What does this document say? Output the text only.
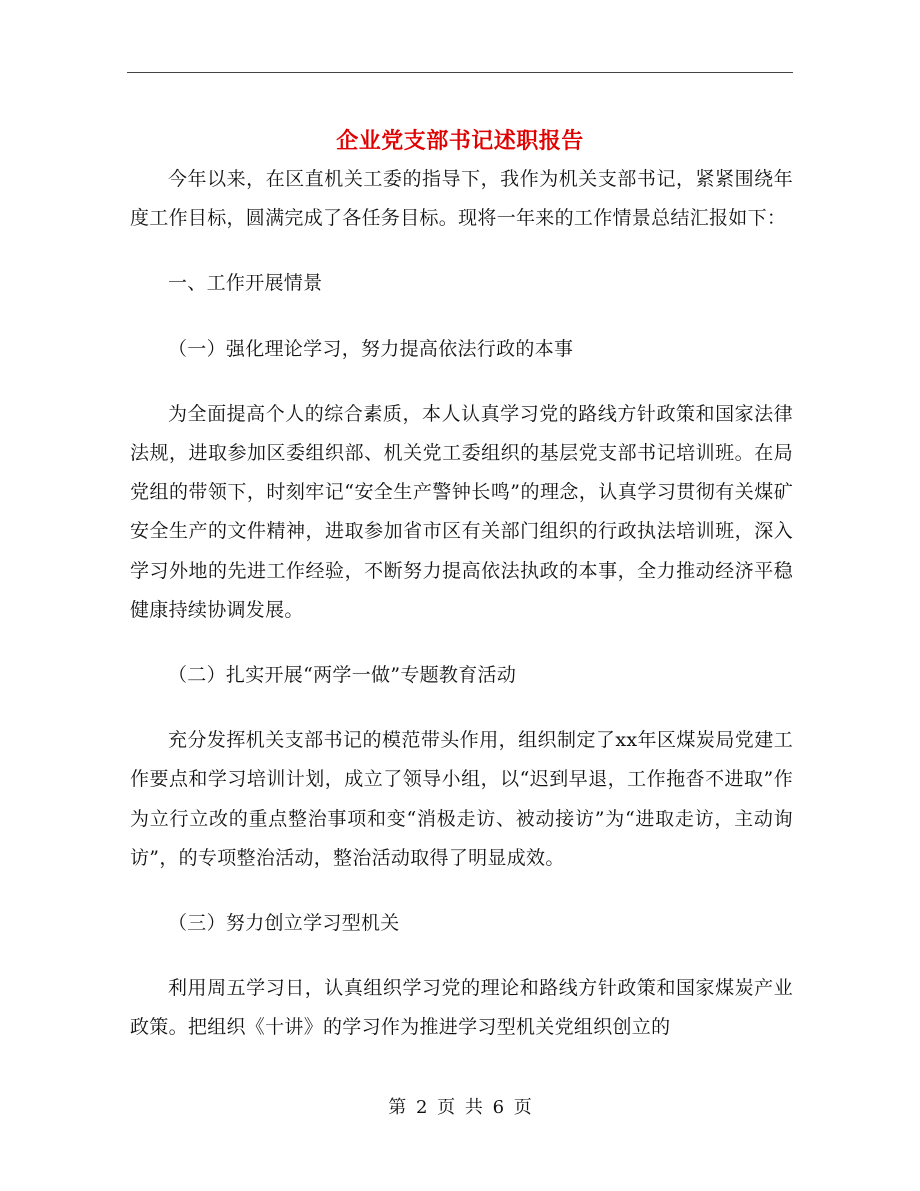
企业党支部书记述职报告

今年以来，在区直机关工委的指导下，我作为机关支部书记，紧紧围绕年度工作目标，圆满完成了各任务目标。现将一年来的工作情景总结汇报如下：

一、工作开展情景

（一）强化理论学习，努力提高依法行政的本事

为全面提高个人的综合素质，本人认真学习党的路线方针政策和国家法律法规，进取参加区委组织部、机关党工委组织的基层党支部书记培训班。在局党组的带领下，时刻牢记“安全生产警钟长鸣”的理念，认真学习贯彻有关煤矿安全生产的文件精神，进取参加省市区有关部门组织的行政执法培训班，深入学习外地的先进工作经验，不断努力提高依法执政的本事，全力推动经济平稳健康持续协调发展。

（二）扎实开展“两学一做”专题教育活动

充分发挥机关支部书记的模范带头作用，组织制定了xx年区煤炭局党建工作要点和学习培训计划，成立了领导小组，以“迟到早退，工作拖沓不进取”作为立行立改的重点整治事项和变“消极走访、被动接访”为“进取走访，主动询访”，的专项整治活动，整治活动取得了明显成效。

（三）努力创立学习型机关

利用周五学习日，认真组织学习党的理论和路线方针政策和国家煤炭产业政策。把组织《十讲》的学习作为推进学习型机关党组织创立的

第 2 页 共 6 页
